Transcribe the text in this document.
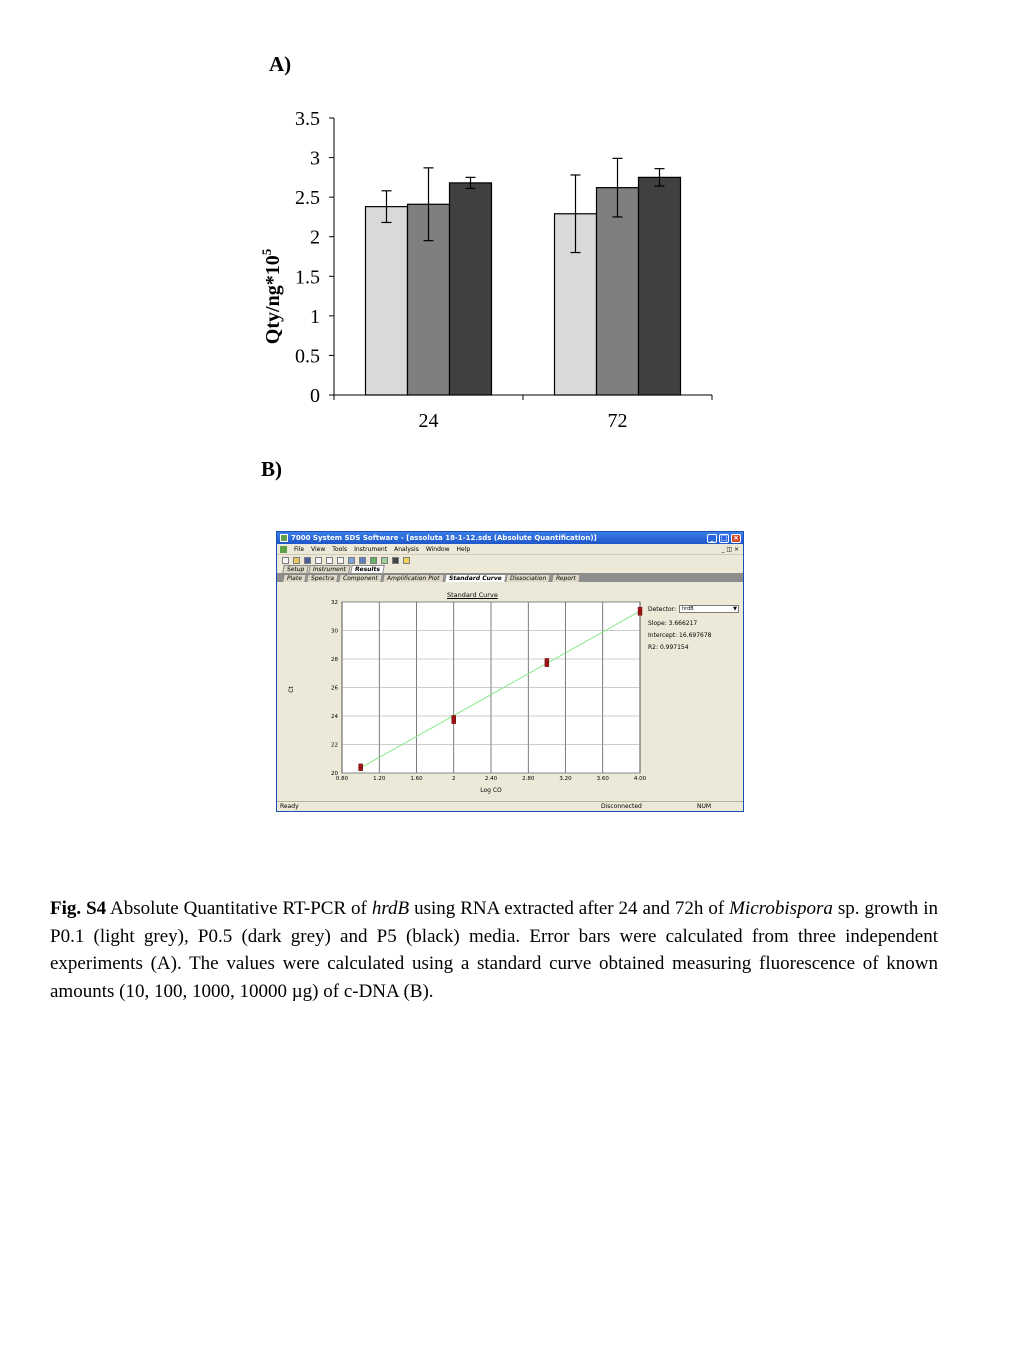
A)
0
0.5
1
1.5
2
2.5
3
3.5
24	72
Qty/$ng*10^5$
B)
7000 System SDS Software - [assoluta 18-1-12.sds (Absolute Quantification)]	_ □ ×
File View Tools Instrument Analysis Window Help	_ ◫ ×
Setup	Instrument	Results
Plate	Spectra	Component	Amplification Plot	Standard Curve	Dissociation	Report
Standard Curve
0.80	1.20	1.60	2	2.40	2.80	3.20	3.60	4.00
20
22
24
26
28
30
32
Log CO
Ct
Detector:	hrdB	▼
Slope: 3.666217
Intercept: 16.697678
R2: 0.997154
Ready	Disconnected	NUM
Fig. S4 Absolute Quantitative RT-PCR of hrdB using RNA extracted after 24 and 72h of Microbispora sp. growth in P0.1 (light grey), P0.5 (dark grey) and P5 (black) media. Error bars were calculated from three independent experiments (A). The values were calculated using a standard curve obtained measuring fluorescence of known amounts (10, 100, 1000, 10000 µg) of c-DNA (B).
